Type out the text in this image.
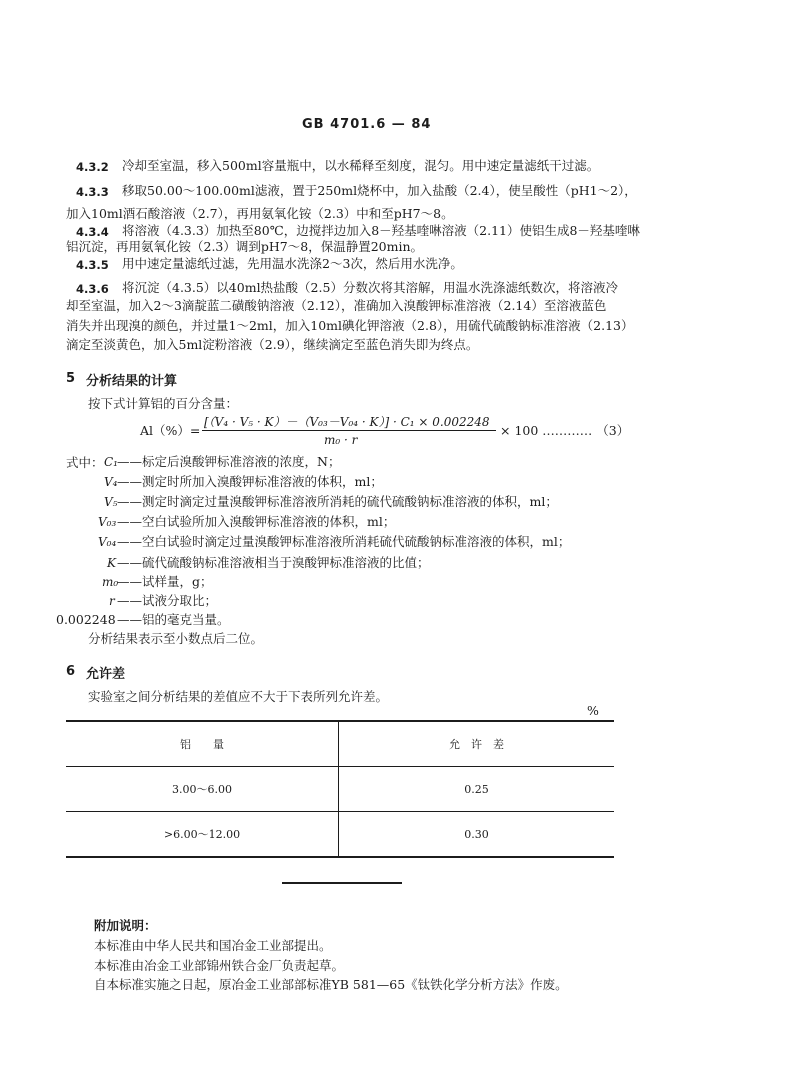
GB 4701.6 — 84
4.3.2 冷却至室温，移入500ml容量瓶中，以水稀释至刻度，混匀。用中速定量滤纸干过滤。
4.3.3 移取50.00～100.00ml滤液，置于250ml烧杯中，加入盐酸（2.4），使呈酸性（pH1～2），
加入10ml酒石酸溶液（2.7），再用氨氧化铵（2.3）中和至pH7～8。
4.3.4 将溶液（4.3.3）加热至80℃，边搅拌边加入8－羟基喹啉溶液（2.11）使铝生成8－羟基喹啉
铝沉淀，再用氨氧化铵（2.3）调到pH7～8，保温静置20min。
4.3.5 用中速定量滤纸过滤，先用温水洗涤2～3次，然后用水洗净。
4.3.6 将沉淀（4.3.5）以40ml热盐酸（2.5）分数次将其溶解，用温水洗涤滤纸数次，将溶液冷
却至室温，加入2～3滴靛蓝二磺酸钠溶液（2.12），准确加入溴酸钾标准溶液（2.14）至溶液蓝色
消失并出现溴的颜色，并过量1～2ml，加入10ml碘化钾溶液（2.8），用硫代硫酸钠标准溶液（2.13）
滴定至淡黄色，加入5ml淀粉溶液（2.9），继续滴定至蓝色消失即为终点。
5 分析结果的计算
按下式计算铝的百分含量：
Al（%）=
[（V₄ · V₅ · K）－（V₀₃－V₀₄ · K）] · C₁ × 0.002248
m₀ · r
× 100 ………… （3）
式中： C₁ ——标定后溴酸钾标准溶液的浓度，N；
V₄ ——测定时所加入溴酸钾标准溶液的体积，ml；
V₅ ——测定时滴定过量溴酸钾标准溶液所消耗的硫代硫酸钠标准溶液的体积，ml；
V₀₃ ——空白试验所加入溴酸钾标准溶液的体积，ml；
V₀₄ ——空白试验时滴定过量溴酸钾标准溶液所消耗硫代硫酸钠标准溶液的体积，ml；
K ——硫代硫酸钠标准溶液相当于溴酸钾标准溶液的比值；
m₀
——试样量，g；
r ——试液分取比；
0.002248 ——铝的毫克当量。
分析结果表示至小数点后二位。
6 允许差
实验室之间分析结果的差值应不大于下表所列允许差。
%
铝　　量	允　许　差
3.00～6.00	0.25
>6.00～12.00	0.30
附加说明：
本标准由中华人民共和国冶金工业部提出。
本标准由冶金工业部锦州铁合金厂负责起草。
自本标准实施之日起，原冶金工业部部标准YB 581—65《钛铁化学分析方法》作废。
